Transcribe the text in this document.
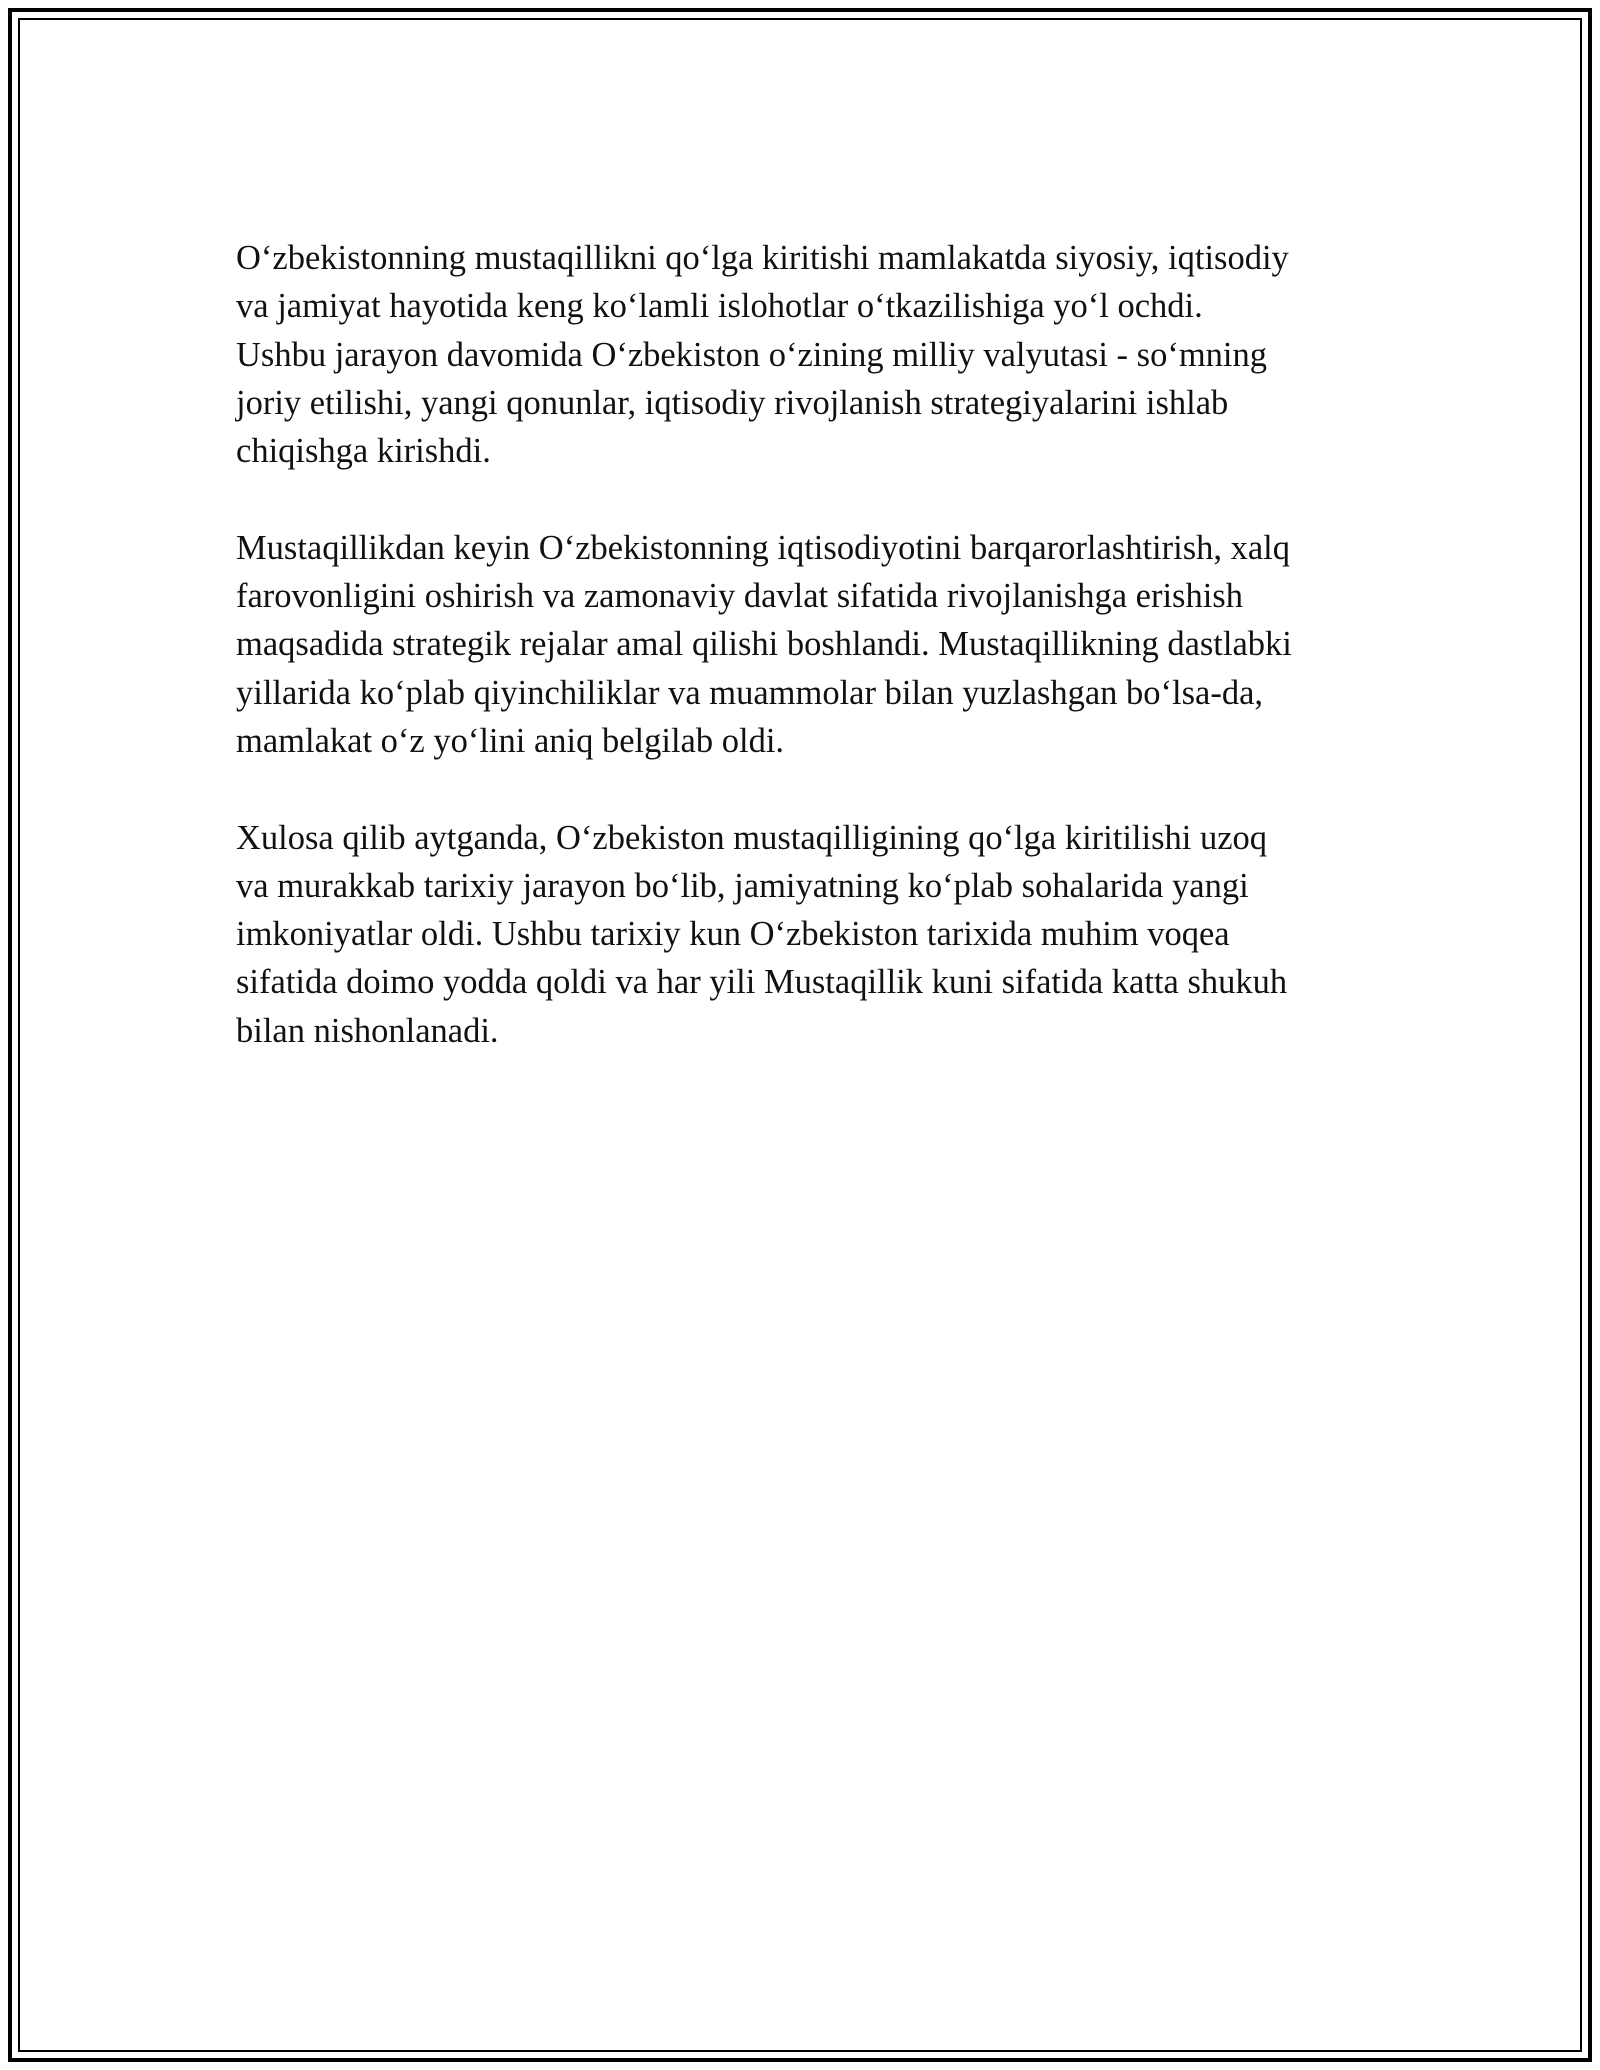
O‘zbekistonning mustaqillikni qo‘lga kiritishi mamlakatda siyosiy, iqtisodiy
va jamiyat hayotida keng ko‘lamli islohotlar o‘tkazilishiga yo‘l ochdi.
Ushbu jarayon davomida O‘zbekiston o‘zining milliy valyutasi - so‘mning
joriy etilishi, yangi qonunlar, iqtisodiy rivojlanish strategiyalarini ishlab
chiqishga kirishdi.

Mustaqillikdan keyin O‘zbekistonning iqtisodiyotini barqarorlashtirish, xalq
farovonligini oshirish va zamonaviy davlat sifatida rivojlanishga erishish
maqsadida strategik rejalar amal qilishi boshlandi. Mustaqillikning dastlabki
yillarida ko‘plab qiyinchiliklar va muammolar bilan yuzlashgan bo‘lsa-da,
mamlakat o‘z yo‘lini aniq belgilab oldi.

Xulosa qilib aytganda, O‘zbekiston mustaqilligining qo‘lga kiritilishi uzoq
va murakkab tarixiy jarayon bo‘lib, jamiyatning ko‘plab sohalarida yangi
imkoniyatlar oldi. Ushbu tarixiy kun O‘zbekiston tarixida muhim voqea
sifatida doimo yodda qoldi va har yili Mustaqillik kuni sifatida katta shukuh
bilan nishonlanadi.
